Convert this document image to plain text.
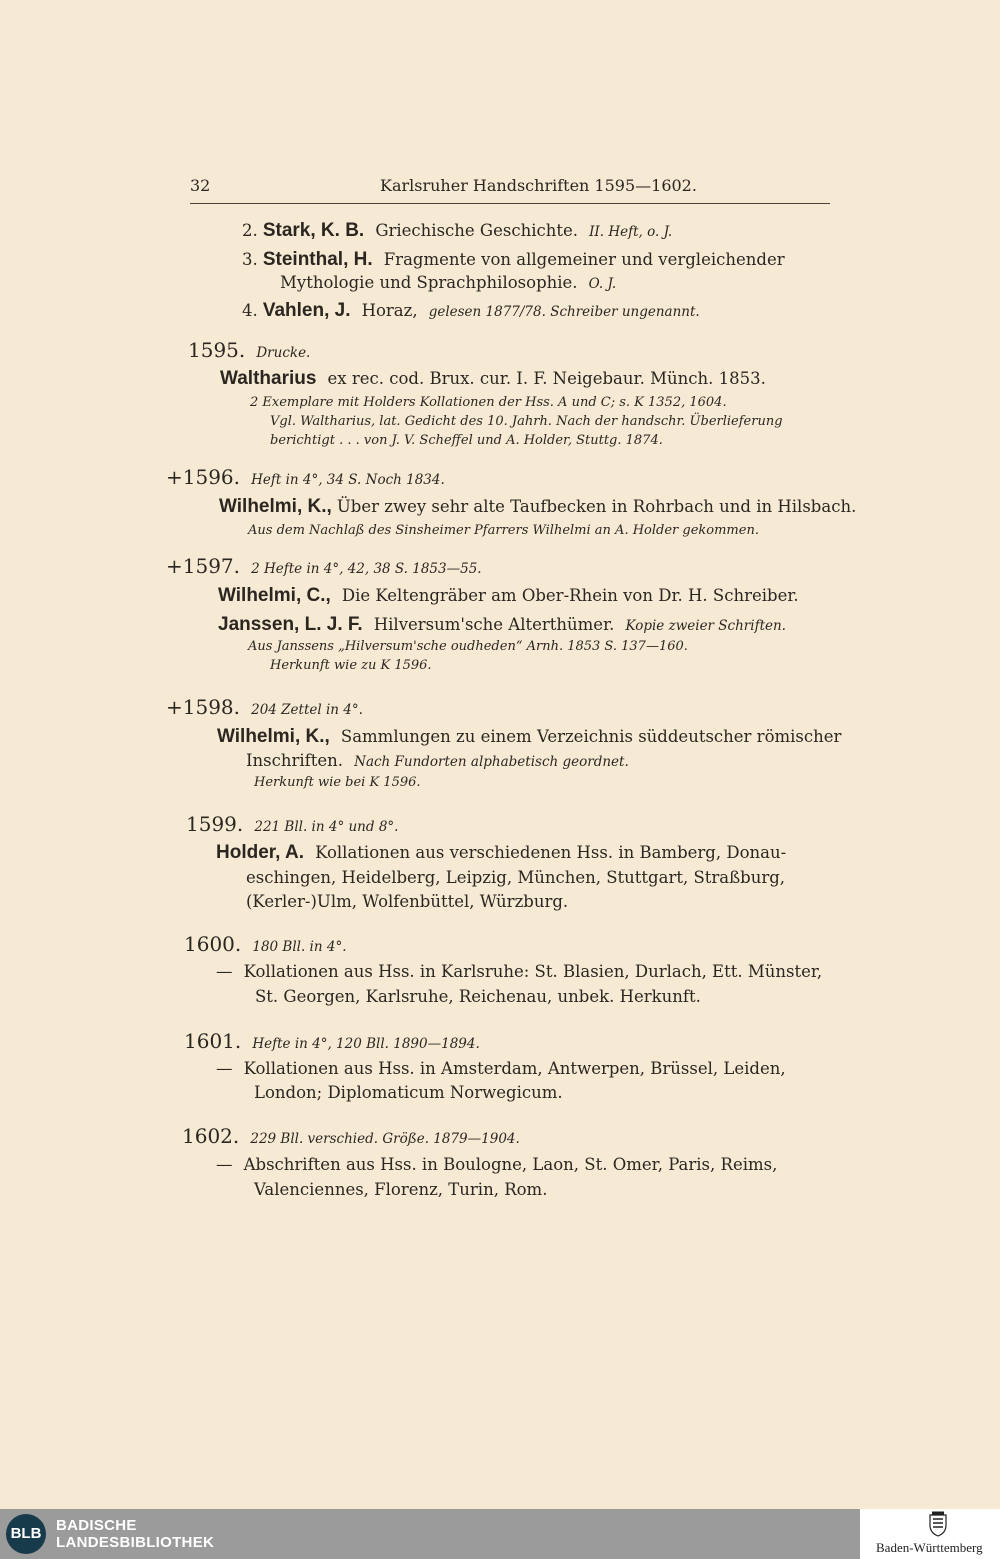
32	Karlsruher Handschriften 1595—1602.
2. Stark, K. B. Griechische Geschichte. II. Heft, o. J.
3. Steinthal, H. Fragmente von allgemeiner und vergleichender
Mythologie und Sprachphilosophie. O. J.
4. Vahlen, J. Horaz, gelesen 1877/78. Schreiber ungenannt.
1595. Drucke.
Waltharius ex rec. cod. Brux. cur. I. F. Neigebaur. Münch. 1853.
2 Exemplare mit Holders Kollationen der Hss. A und C; s. K 1352, 1604.
Vgl. Waltharius, lat. Gedicht des 10. Jahrh. Nach der handschr. Überlieferung
berichtigt . . . von J. V. Scheffel und A. Holder, Stuttg. 1874.
+1596. Heft in 4°, 34 S. Noch 1834.
Wilhelmi, K., Über zwey sehr alte Taufbecken in Rohrbach und in Hilsbach.
Aus dem Nachlaß des Sinsheimer Pfarrers Wilhelmi an A. Holder gekommen.
+1597. 2 Hefte in 4°, 42, 38 S. 1853—55.
Wilhelmi, C., Die Keltengräber am Ober-Rhein von Dr. H. Schreiber.
Janssen, L. J. F. Hilversum'sche Alterthümer. Kopie zweier Schriften.
Aus Janssens „Hilversum'sche oudheden“ Arnh. 1853 S. 137—160.
Herkunft wie zu K 1596.
+1598. 204 Zettel in 4°.
Wilhelmi, K., Sammlungen zu einem Verzeichnis süddeutscher römischer
Inschriften. Nach Fundorten alphabetisch geordnet.
Herkunft wie bei K 1596.
1599. 221 Bll. in 4° und 8°.
Holder, A. Kollationen aus verschiedenen Hss. in Bamberg, Donau-
eschingen, Heidelberg, Leipzig, München, Stuttgart, Straßburg,
(Kerler-)Ulm, Wolfenbüttel, Würzburg.
1600. 180 Bll. in 4°.
— Kollationen aus Hss. in Karlsruhe: St. Blasien, Durlach, Ett. Münster,
St. Georgen, Karlsruhe, Reichenau, unbek. Herkunft.
1601. Hefte in 4°, 120 Bll. 1890—1894.
— Kollationen aus Hss. in Amsterdam, Antwerpen, Brüssel, Leiden,
London; Diplomaticum Norwegicum.
1602. 229 Bll. verschied. Größe. 1879—1904.
— Abschriften aus Hss. in Boulogne, Laon, St. Omer, Paris, Reims,
Valenciennes, Florenz, Turin, Rom.
BLB BADISCHE
LANDESBIBLIOTHEK	Baden-Württemberg
